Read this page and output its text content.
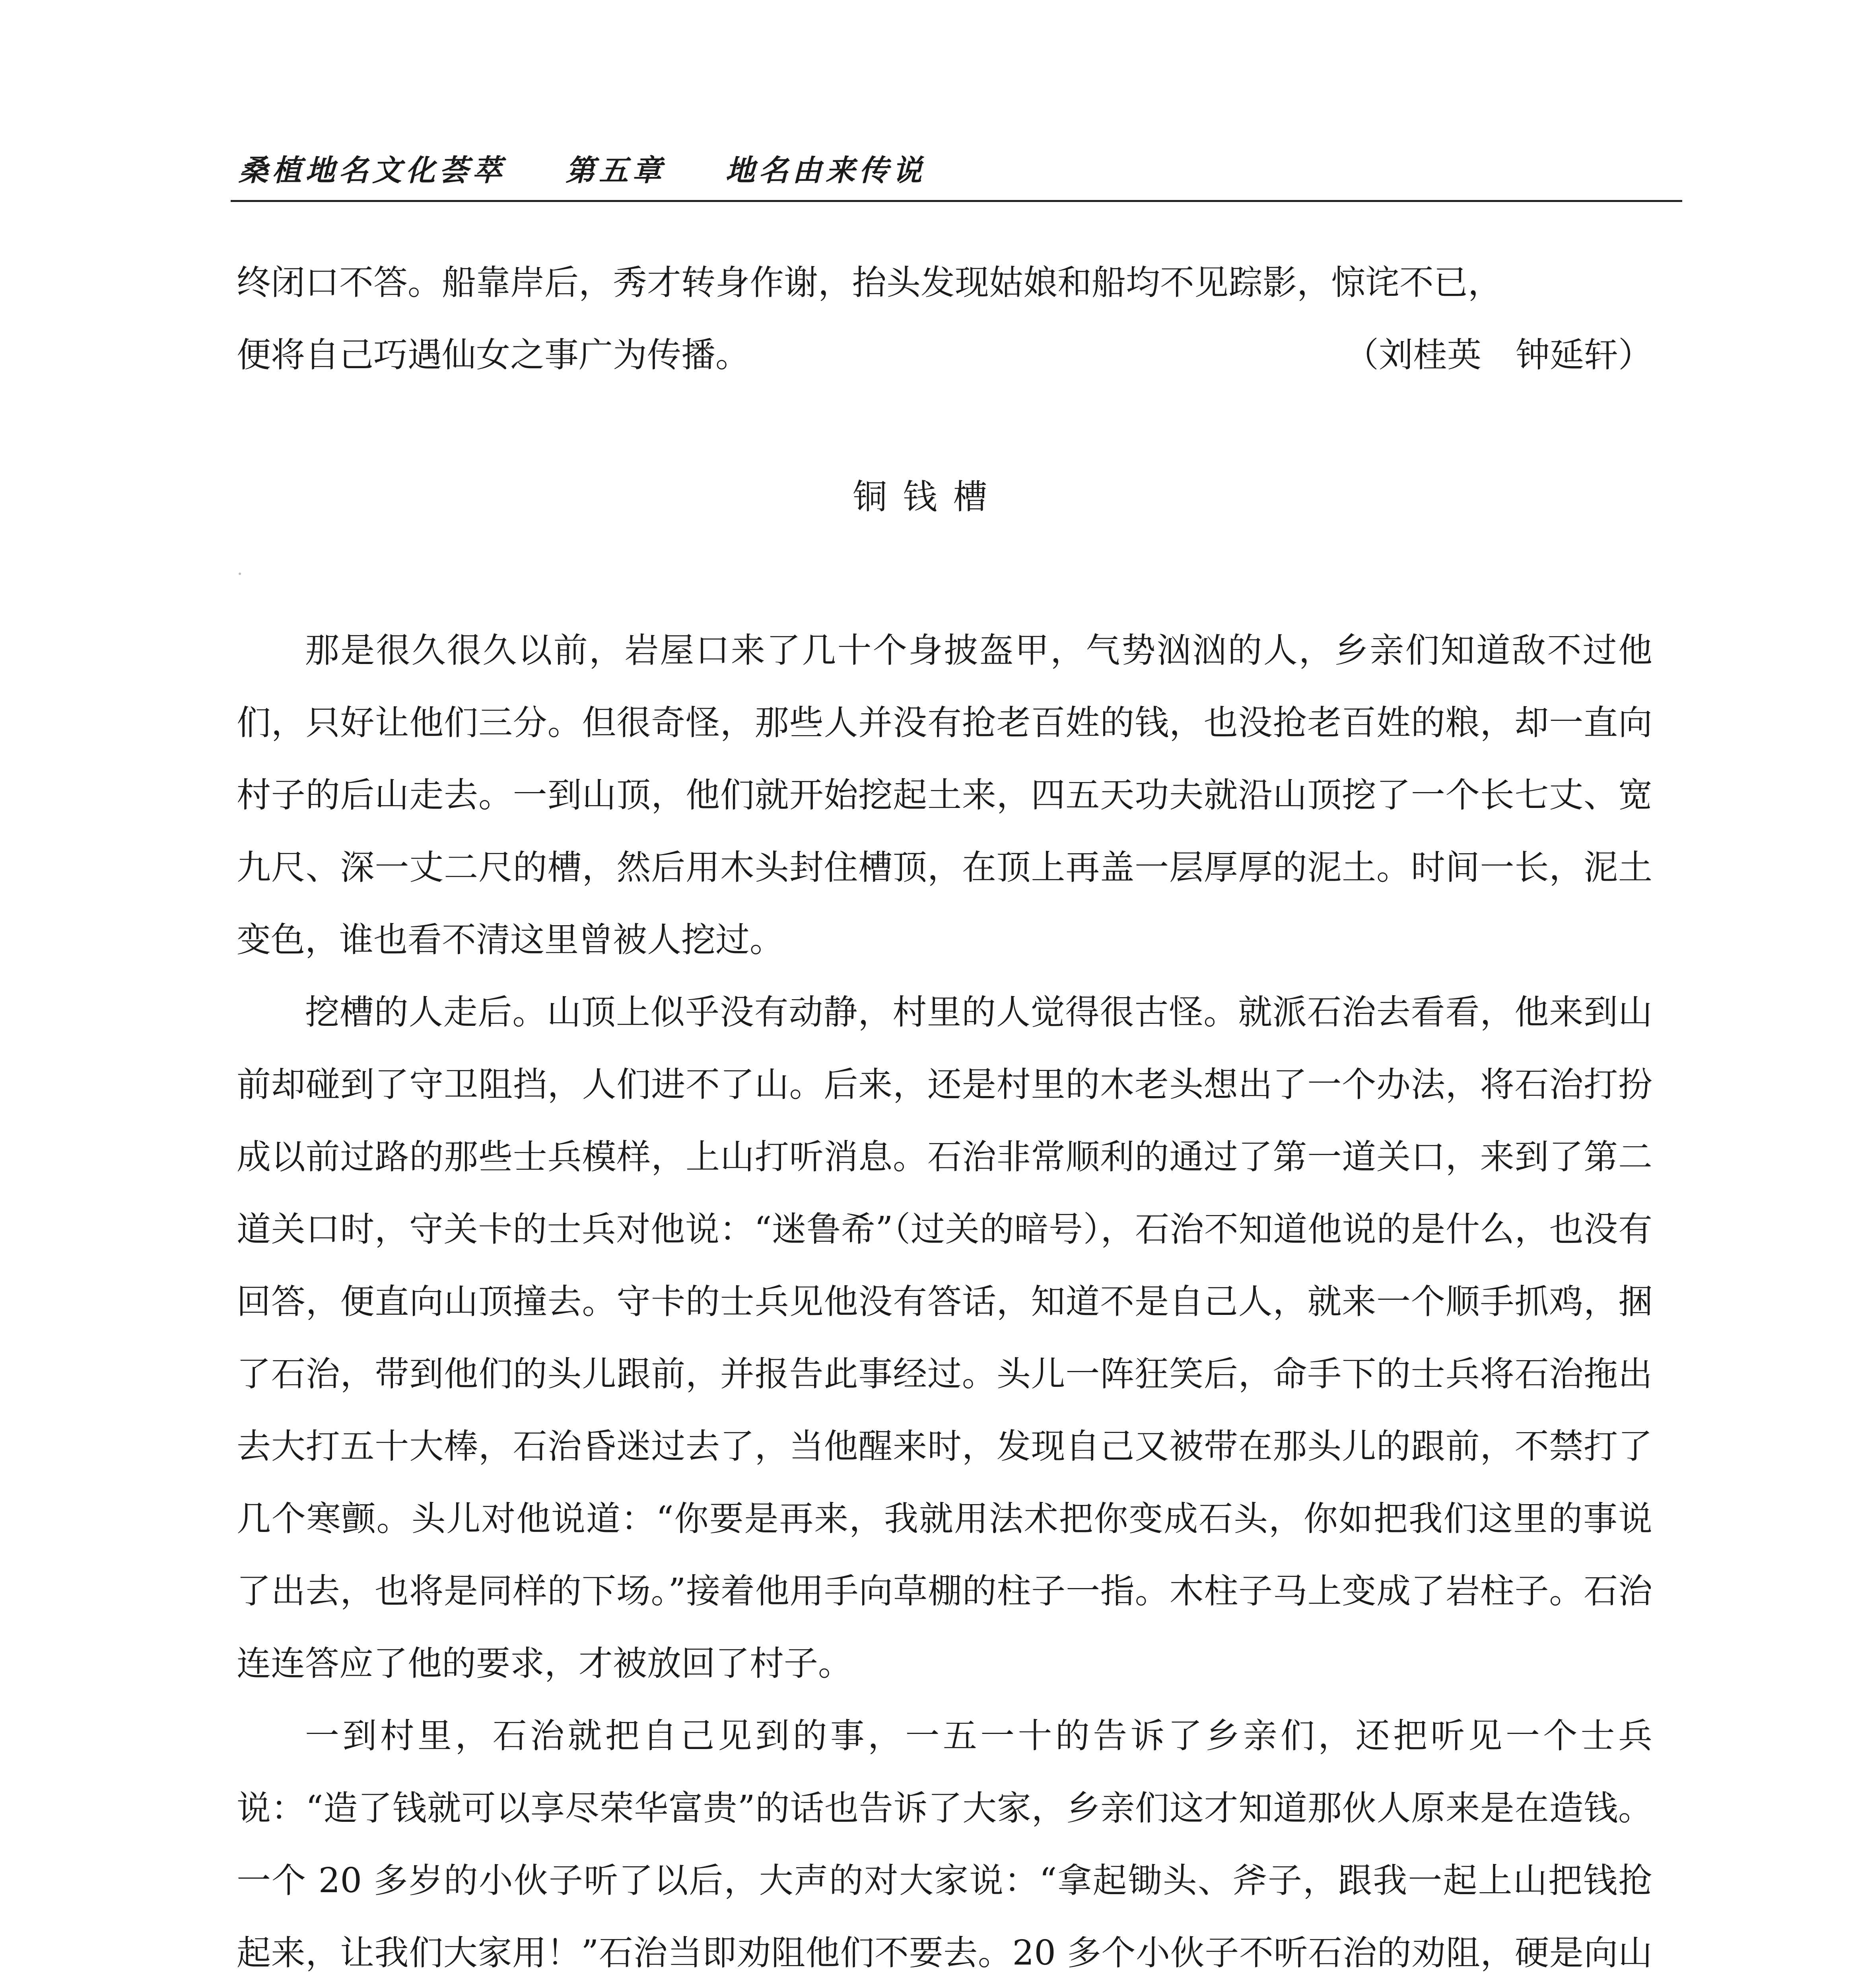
桑植地名文化荟萃 第五章 地名由来传说

终闭口不答。船靠岸后，秀才转身作谢，抬头发现姑娘和船均不见踪影，惊诧不已，

便将自己巧遇仙女之事广为传播。	（刘桂英　钟延轩）
铜钱槽

那是很久很久以前，岩屋口来了几十个身披盔甲，气势汹汹的人，乡亲们知道敌不过他们，只好让他们三分。但很奇怪，那些人并没有抢老百姓的钱，也没抢老百姓的粮，却一直向村子的后山走去。一到山顶，他们就开始挖起土来，四五天功夫就沿山顶挖了一个长七丈、宽九尺、深一丈二尺的槽，然后用木头封住槽顶，在顶上再盖一层厚厚的泥土。时间一长，泥土变色，谁也看不清这里曾被人挖过。

挖槽的人走后。山顶上似乎没有动静，村里的人觉得很古怪。就派石治去看看，他来到山前却碰到了守卫阻挡，人们进不了山。后来，还是村里的木老头想出了一个办法，将石治打扮成以前过路的那些士兵模样，上山打听消息。石治非常顺利的通过了第一道关口，来到了第二道关口时，守关卡的士兵对他说：“迷鲁希”（过关的暗号），石治不知道他说的是什么，也没有回答，便直向山顶撞去。守卡的士兵见他没有答话，知道不是自己人，就来一个顺手抓鸡，捆了石治，带到他们的头儿跟前，并报告此事经过。头儿一阵狂笑后，命手下的士兵将石治拖出去大打五十大棒，石治昏迷过去了，当他醒来时，发现自己又被带在那头儿的跟前，不禁打了几个寒颤。头儿对他说道：“你要是再来，我就用法术把你变成石头，你如把我们这里的事说了出去，也将是同样的下场。”接着他用手向草棚的柱子一指。木柱子马上变成了岩柱子。石治连连答应了他的要求，才被放回了村子。

一到村里，石治就把自己见到的事，一五一十的告诉了乡亲们，还把听见一个士兵说：“造了钱就可以享尽荣华富贵”的话也告诉了大家，乡亲们这才知道那伙人原来是在造钱。一个 20 多岁的小伙子听了以后，大声的对大家说：“拿起锄头、斧子，跟我一起上山把钱抢起来，让我们大家用！”石治当即劝阻他们不要去。20 多个小伙子不听石治的劝阻，硬是向山
